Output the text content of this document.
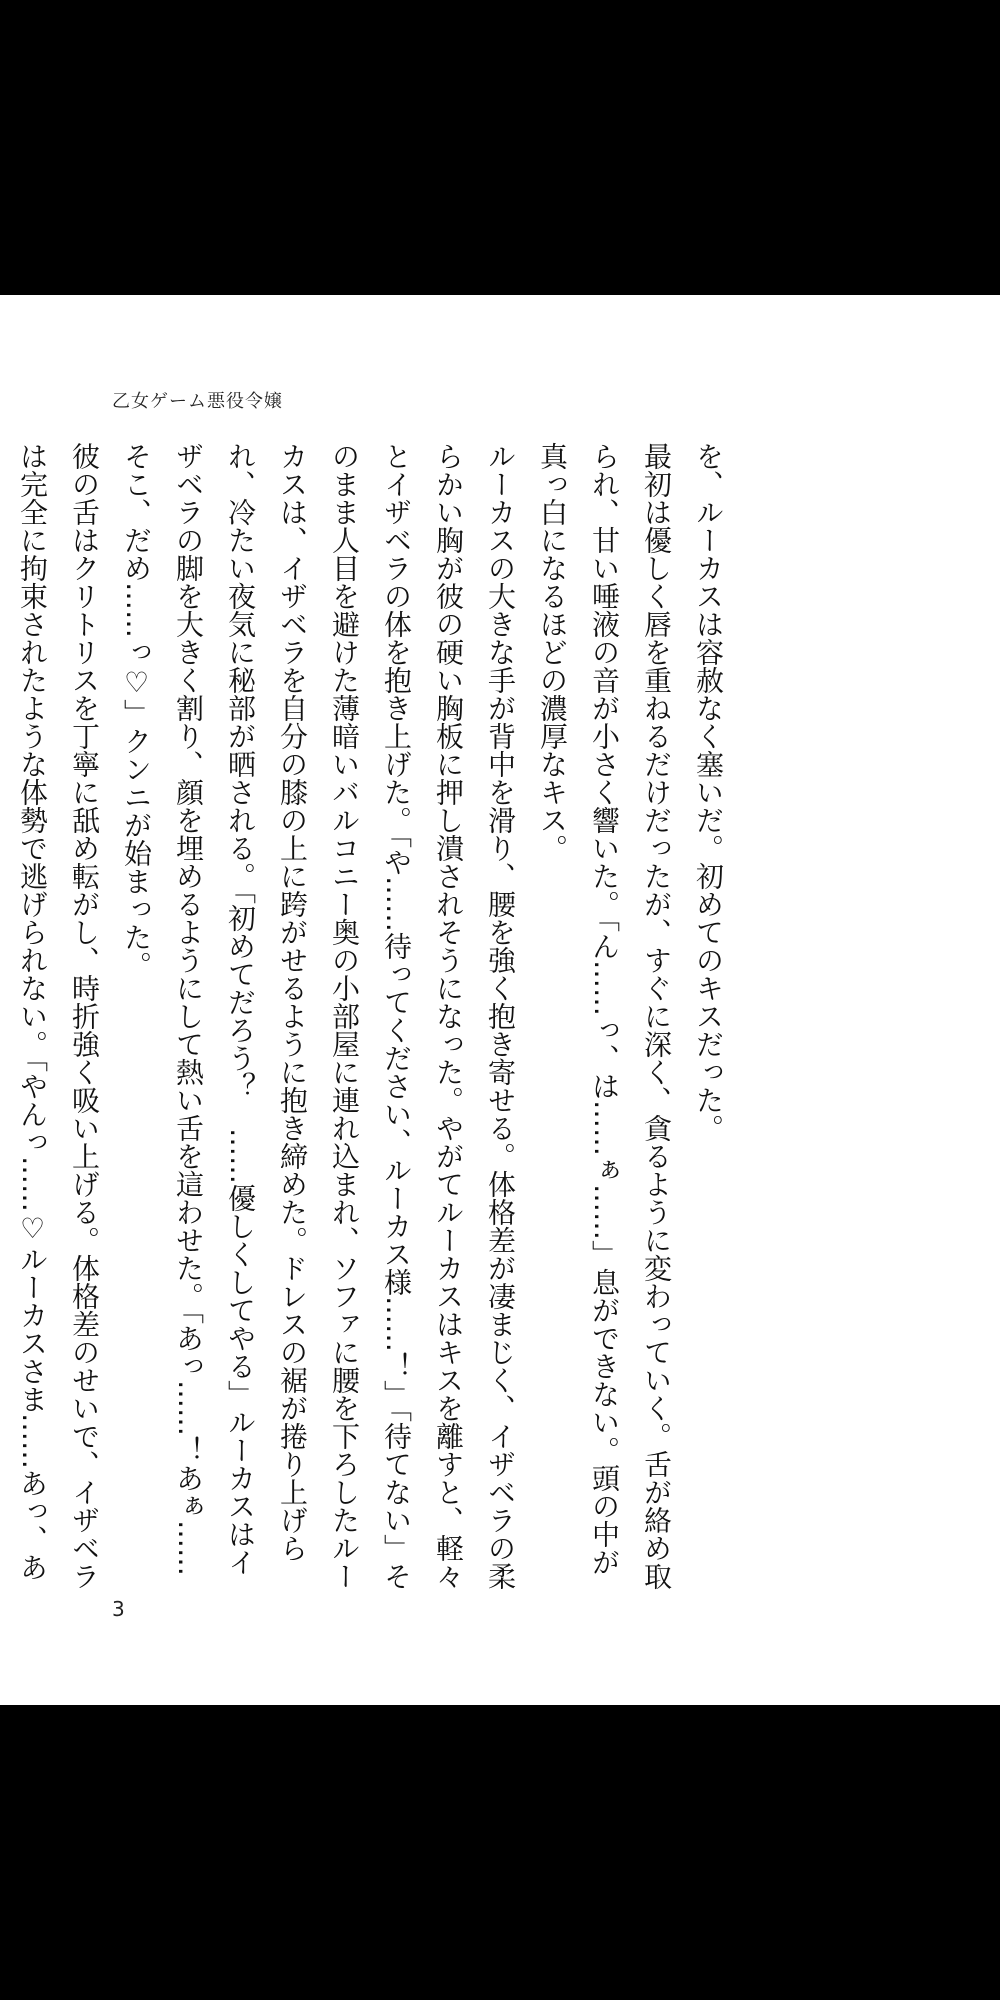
乙女ゲーム悪役令嬢

を、ルーカスは容赦なく塞いだ。初めてのキスだった。
最初は優しく唇を重ねるだけだったが、すぐに深く、貪るように変わっていく。舌が絡め取られ、甘い唾液の音が小さく響いた。「ん……っ、は……ぁ……」息ができない。頭の中が真っ白になるほどの濃厚なキス。
ルーカスの大きな手が背中を滑り、腰を強く抱き寄せる。体格差が凄まじく、イザベラの柔らかい胸が彼の硬い胸板に押し潰されそうになった。やがてルーカスはキスを離すと、軽々とイザベラの体を抱き上げた。「や……待ってください、ルーカス様……！」「待てない」そのまま人目を避けた薄暗いバルコニー奥の小部屋に連れ込まれ、ソファに腰を下ろしたルーカスは、イザベラを自分の膝の上に跨がせるように抱き締めた。ドレスの裾が捲り上げられ、冷たい夜気に秘部が晒される。「初めてだろう？　……優しくしてやる」ルーカスはイザベラの脚を大きく割り、顔を埋めるようにして熱い舌を這わせた。「あっ……！あぁ……そこ、だめ……っ♡」クンニが始まった。
彼の舌はクリトリスを丁寧に舐め転がし、時折強く吸い上げる。体格差のせいで、イザベラは完全に拘束されたような体勢で逃げられない。「やんっ……♡ルーカスさま……あっ、あ

3
